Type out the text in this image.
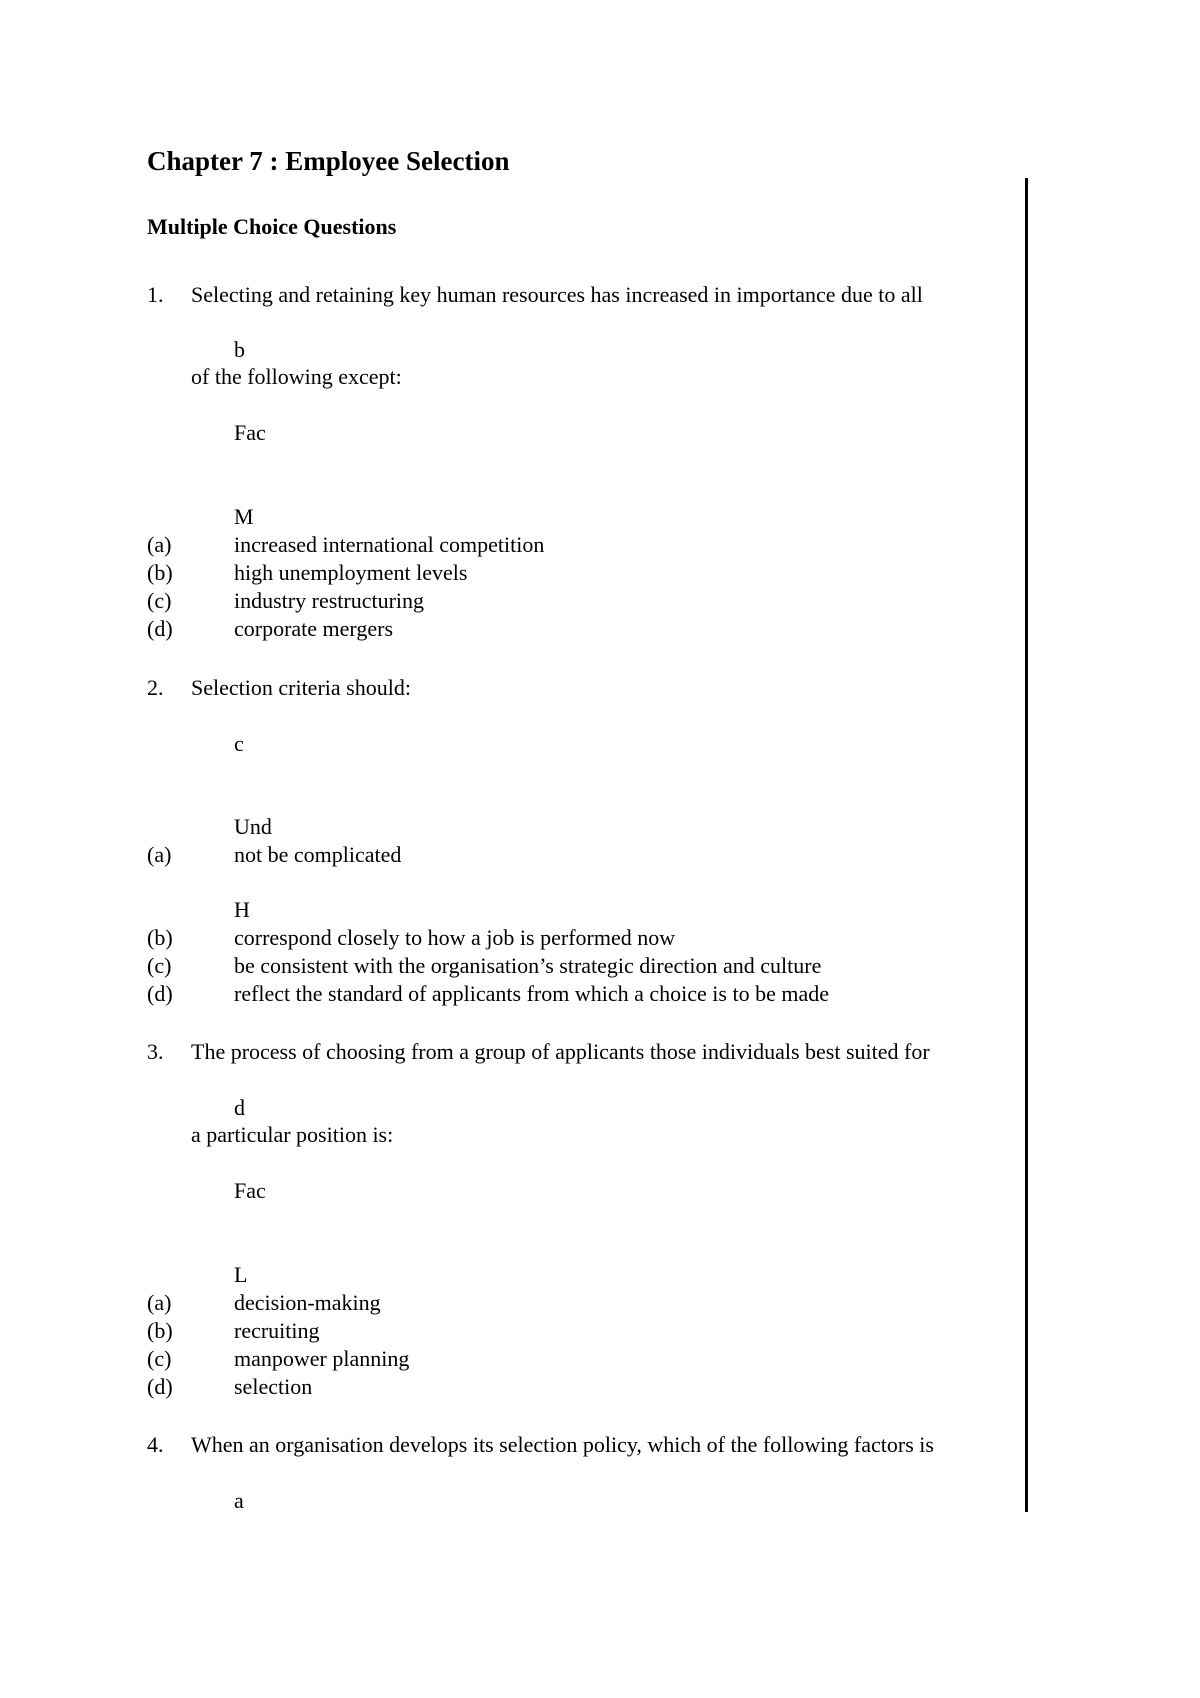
Chapter 7 : Employee Selection
Multiple Choice Questions
1. Selecting and retaining key human resources has increased in importance due to all
b
of the following except:
Fac
M
(a)	increased international competition
(b)	high unemployment levels
(c)	industry restructuring
(d)	corporate mergers
2. Selection criteria should:
c
Und
(a)	not be complicated
H
(b)	correspond closely to how a job is performed now
(c)	be consistent with the organisation’s strategic direction and culture
(d)	reflect the standard of applicants from which a choice is to be made
3. The process of choosing from a group of applicants those individuals best suited for
d
a particular position is:
Fac
L
(a)	decision-making
(b)	recruiting
(c)	manpower planning
(d)	selection
4. When an organisation develops its selection policy, which of the following factors is
a
